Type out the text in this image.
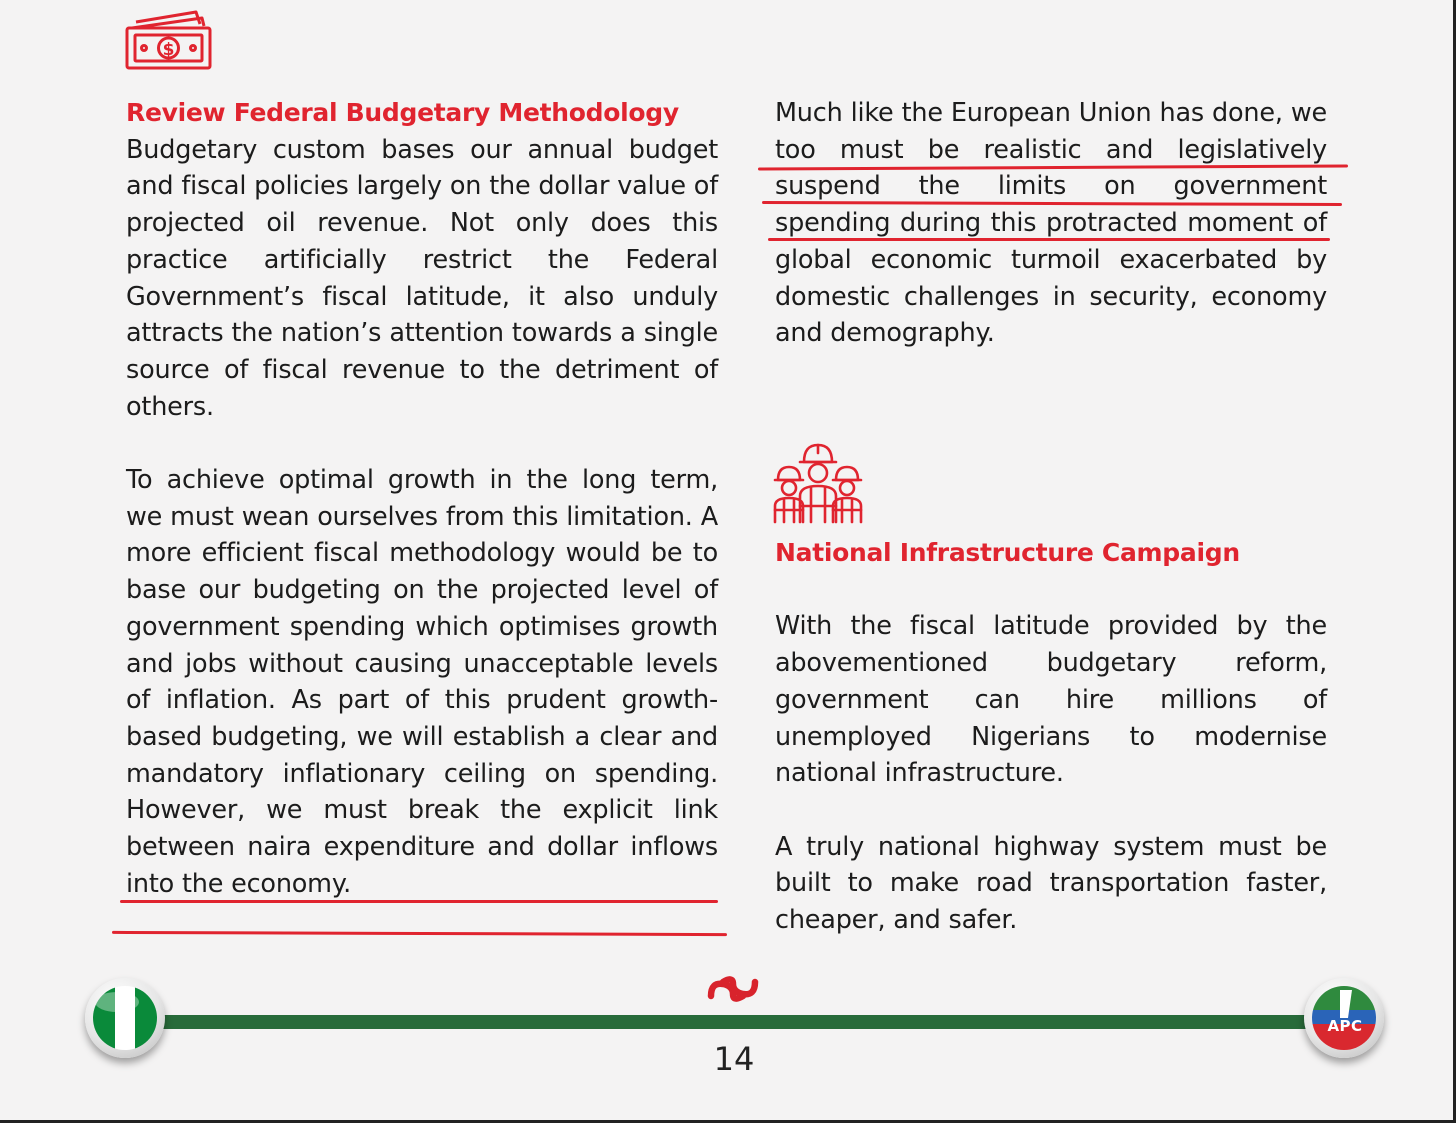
$

Review Federal Budgetary Methodology

Budgetary custom bases our annual budget and fiscal policies largely on the dollar value of projected oil revenue. Not only does this practice artificially restrict the Federal Government’s fiscal latitude, it also unduly attracts the nation’s attention towards a single source of fiscal revenue to the detriment of others.

To achieve optimal growth in the long term, we must wean ourselves from this limitation. A more efficient fiscal methodology would be to base our budgeting on the projected level of government spending which optimises growth and jobs without causing unacceptable levels of inflation. As part of this prudent growth-based budgeting, we will establish a clear and mandatory inflationary ceiling on spending. However, we must break the explicit link between naira expenditure and dollar inflows into the economy.

Much like the European Union has done, we too must be realistic and legislatively suspend the limits on government spending during this protracted moment of global economic turmoil exacerbated by domestic challenges in security, economy and demography.

National Infrastructure Campaign

With the fiscal latitude provided by the abovementioned budgetary reform, government can hire millions of unemployed Nigerians to modernise national infrastructure.

A truly national highway system must be built to make road transportation faster, cheaper, and safer.

APC
14
